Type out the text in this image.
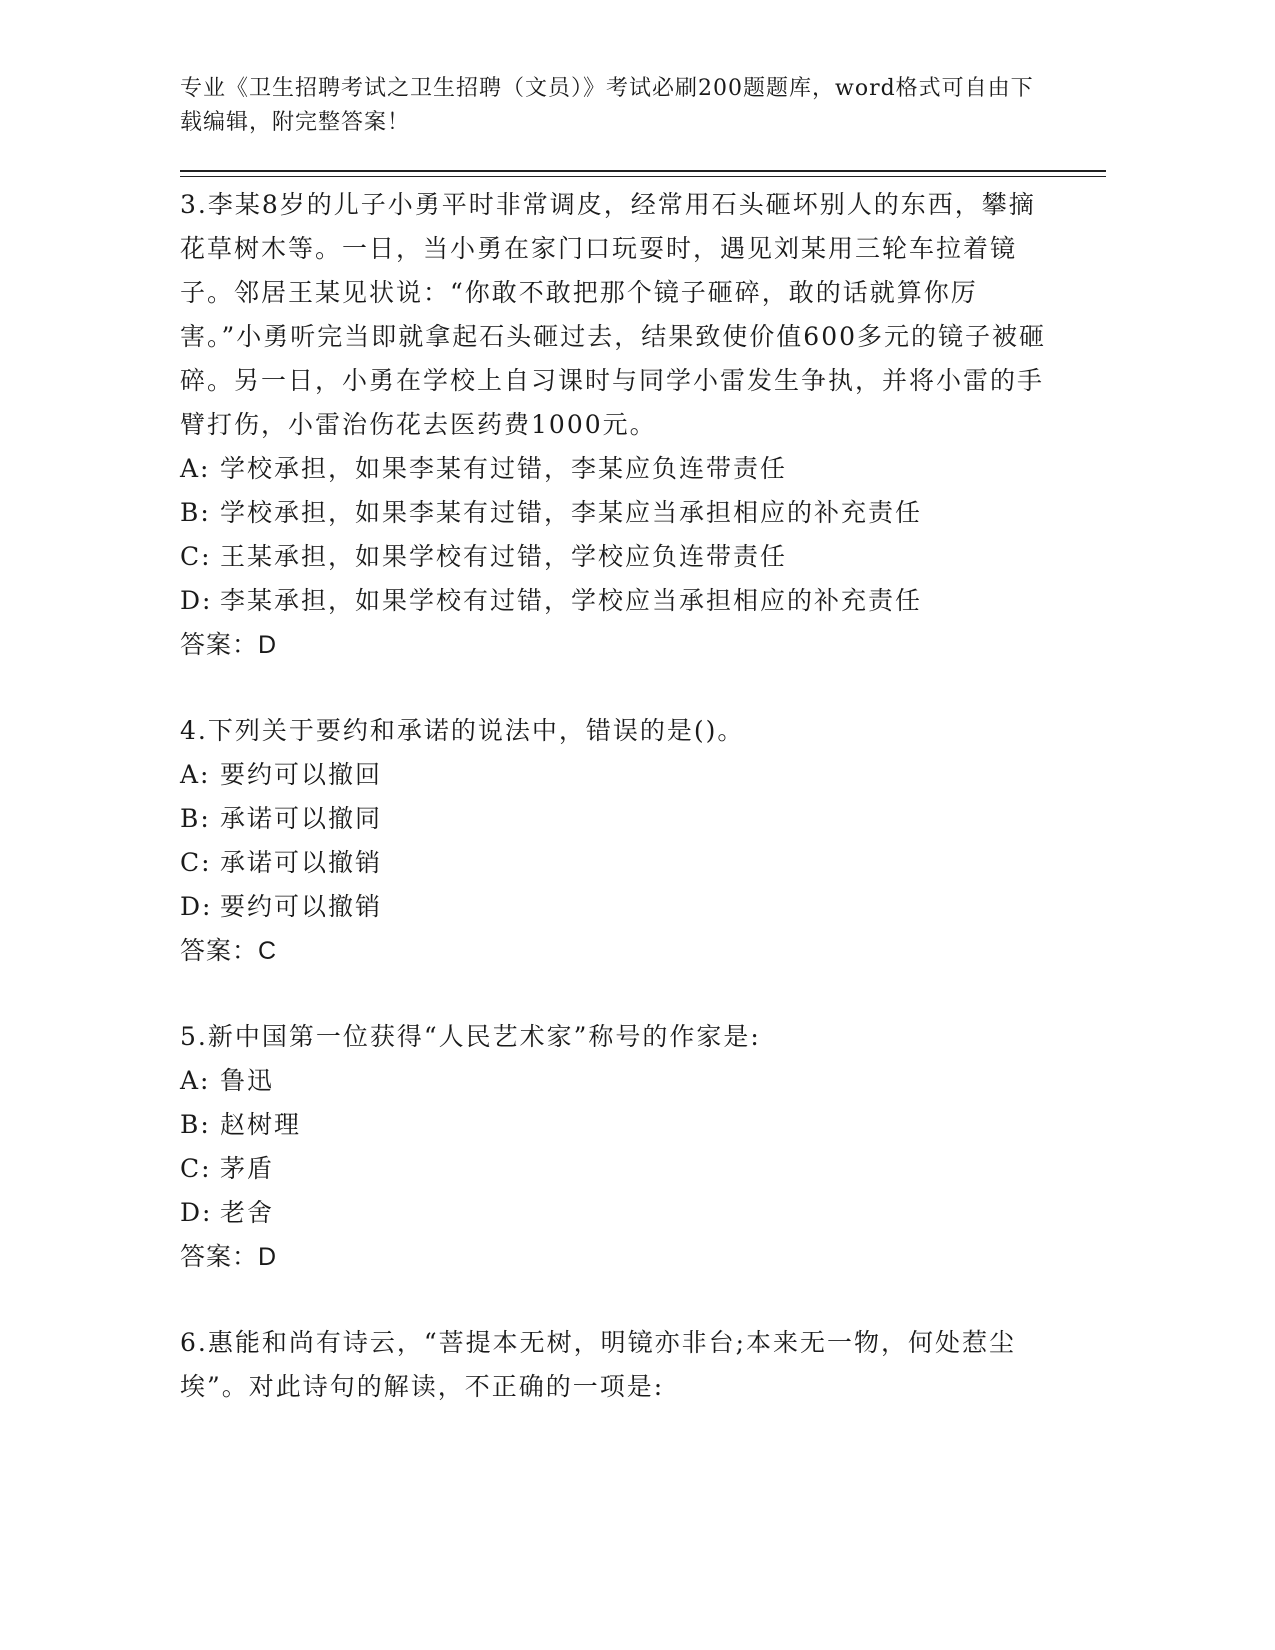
专业《卫生招聘考试之卫生招聘（文员）》考试必刷200题题库，word格式可自由下载编辑，附完整答案！

3.李某8岁的儿子小勇平时非常调皮，经常用石头砸坏别人的东西，攀摘花草树木等。一日，当小勇在家门口玩耍时，遇见刘某用三轮车拉着镜子。邻居王某见状说：“你敢不敢把那个镜子砸碎，敢的话就算你厉害。”小勇听完当即就拿起石头砸过去，结果致使价值600多元的镜子被砸碎。另一日，小勇在学校上自习课时与同学小雷发生争执，并将小雷的手臂打伤，小雷治伤花去医药费1000元。

A: 学校承担，如果李某有过错，李某应负连带责任
B: 学校承担，如果李某有过错，李某应当承担相应的补充责任
C: 王某承担，如果学校有过错，学校应负连带责任
D: 李某承担，如果学校有过错，学校应当承担相应的补充责任

答案：D

4.下列关于要约和承诺的说法中，错误的是()。

A: 要约可以撤回
B: 承诺可以撤同
C: 承诺可以撤销
D: 要约可以撤销

答案：C

5.新中国第一位获得“人民艺术家”称号的作家是:

A: 鲁迅
B: 赵树理
C: 茅盾
D: 老舍

答案：D

6.惠能和尚有诗云，“菩提本无树，明镜亦非台;本来无一物，何处惹尘埃”。对此诗句的解读，不正确的一项是:
